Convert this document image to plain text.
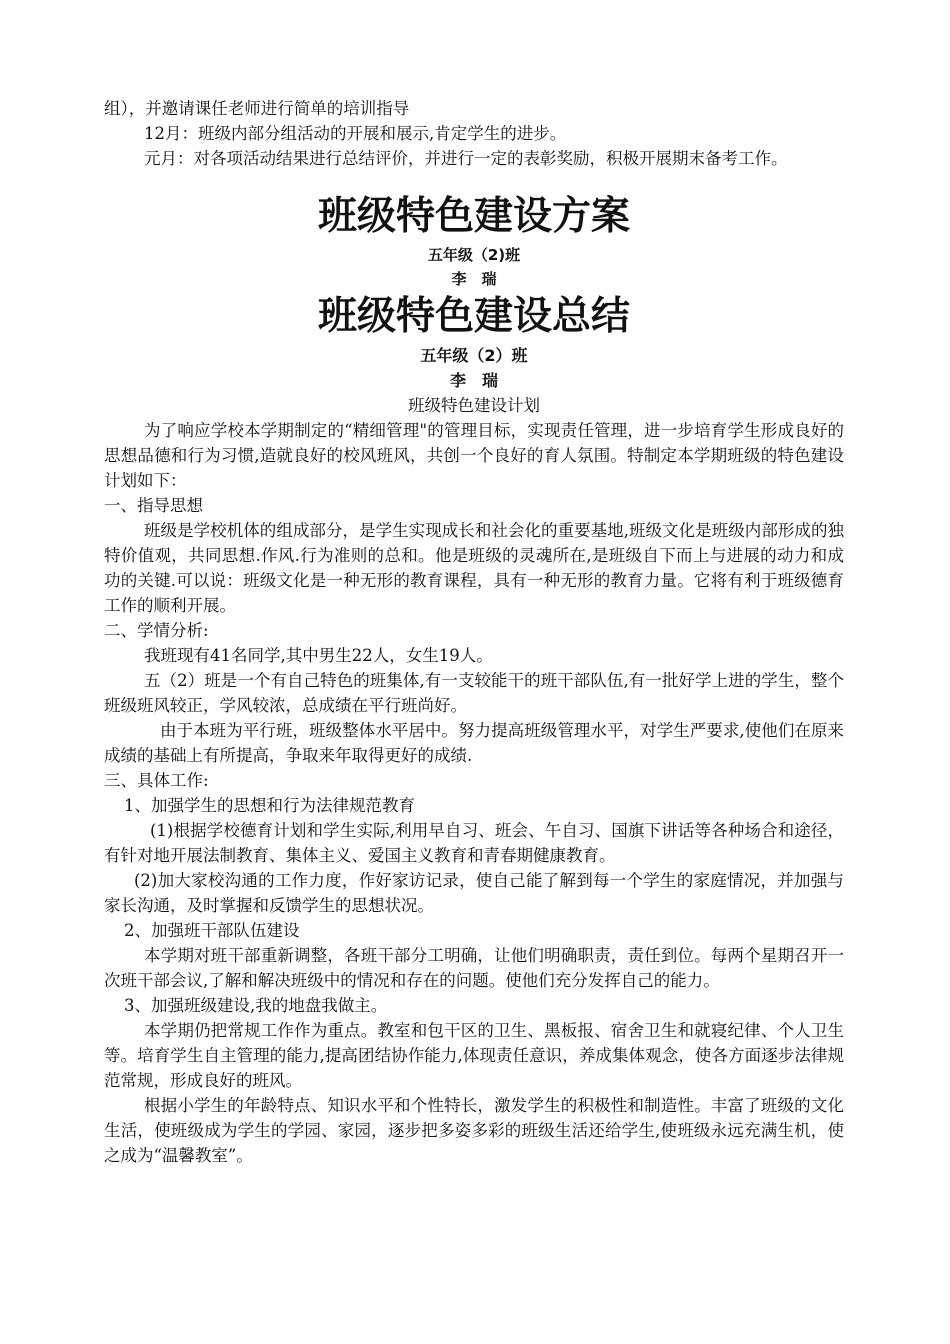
组），并邀请课任老师进行简单的培训指导

12月：班级内部分组活动的开展和展示,肯定学生的进步。

元月：对各项活动结果进行总结评价，并进行一定的表彰奖励，积极开展期末备考工作。

班级特色建设方案

五年级（2)班

李　瑞

班级特色建设总结

五年级（2）班

李　瑞

班级特色建设计划

为了响应学校本学期制定的“精细管理"的管理目标，实现责任管理，进一步培育学生形成良好的思想品德和行为习惯,造就良好的校风班风，共创一个良好的育人氛围。特制定本学期班级的特色建设计划如下：

一、指导思想

班级是学校机体的组成部分，是学生实现成长和社会化的重要基地,班级文化是班级内部形成的独特价值观，共同思想.作风.行为准则的总和。他是班级的灵魂所在,是班级自下而上与进展的动力和成功的关键.可以说：班级文化是一种无形的教育课程，具有一种无形的教育力量。它将有利于班级德育工作的顺利开展。

二、学情分析:

我班现有41名同学,其中男生22人，女生19人。

五（2）班是一个有自己特色的班集体,有一支较能干的班干部队伍,有一批好学上进的学生，整个班级班风较正，学风较浓，总成绩在平行班尚好。

由于本班为平行班，班级整体水平居中。努力提高班级管理水平，对学生严要求,使他们在原来成绩的基础上有所提高，争取来年取得更好的成绩.

三、具体工作:

1、加强学生的思想和行为法律规范教育

(1)根据学校德育计划和学生实际,利用早自习、班会、午自习、国旗下讲话等各种场合和途径，有针对地开展法制教育、集体主义、爱国主义教育和青春期健康教育。

(2)加大家校沟通的工作力度，作好家访记录，使自己能了解到每一个学生的家庭情况，并加强与家长沟通，及时掌握和反馈学生的思想状况。

2、加强班干部队伍建设

本学期对班干部重新调整，各班干部分工明确，让他们明确职责，责任到位。每两个星期召开一次班干部会议,了解和解决班级中的情况和存在的问题。使他们充分发挥自己的能力。

3、加强班级建设,我的地盘我做主。

本学期仍把常规工作作为重点。教室和包干区的卫生、黑板报、宿舍卫生和就寝纪律、个人卫生等。培育学生自主管理的能力,提高团结协作能力,体现责任意识，养成集体观念，使各方面逐步法律规范常规，形成良好的班风。

根据小学生的年龄特点、知识水平和个性特长，激发学生的积极性和制造性。丰富了班级的文化生活，使班级成为学生的学园、家园，逐步把多姿多彩的班级生活还给学生,使班级永远充满生机，使之成为“温馨教室”。
